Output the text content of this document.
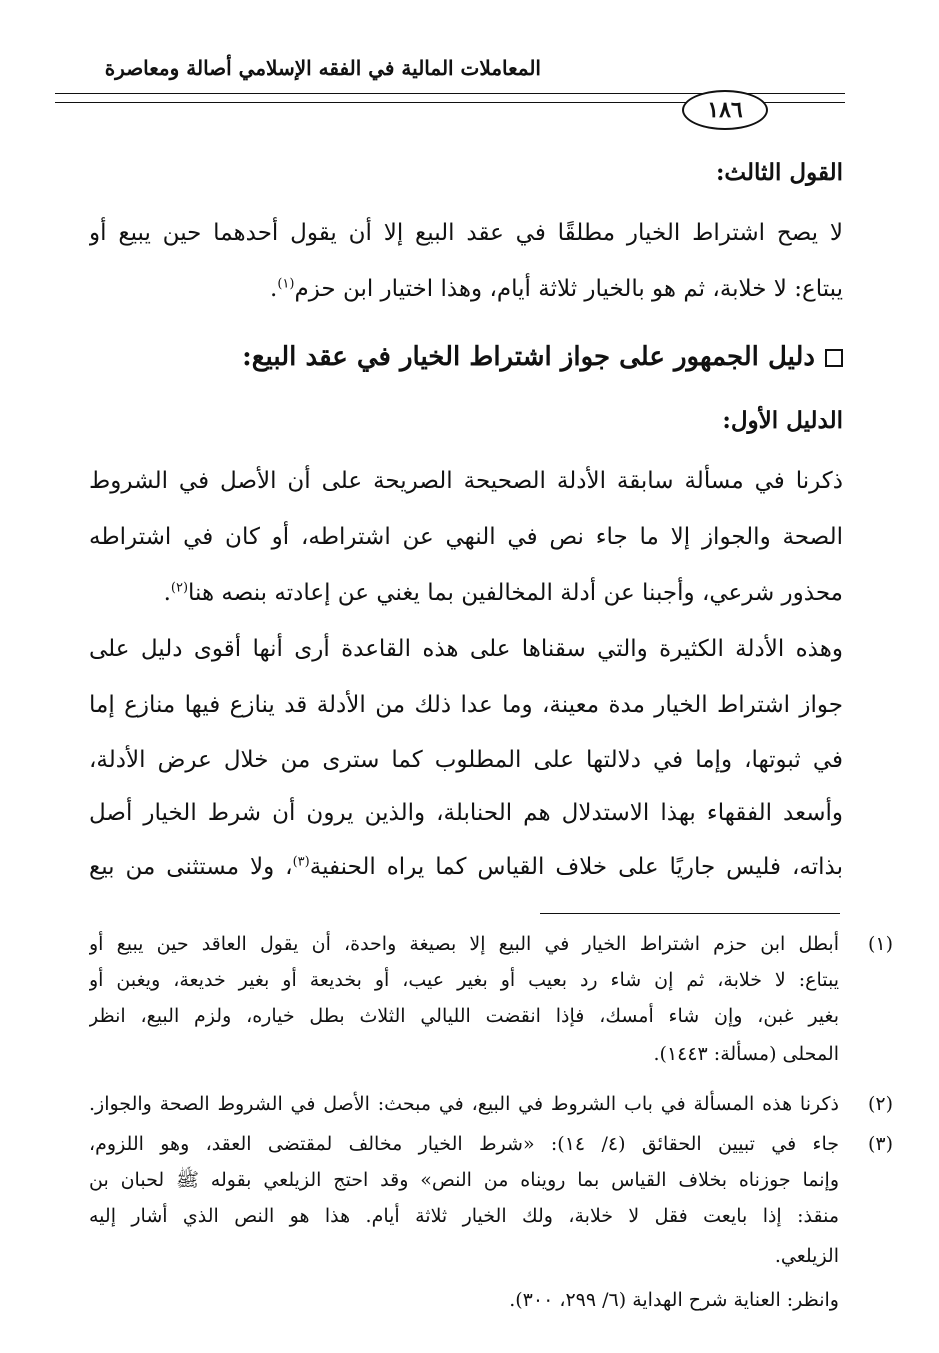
المعاملات المالية في الفقه الإسلامي أصالة ومعاصرة
١٨٦
القول الثالث:
لا يصح اشتراط الخيار مطلقًا في عقد البيع إلا أن يقول أحدهما حين يبيع أو
يبتاع: لا خلابة، ثم هو بالخيار ثلاثة أيام، وهذا اختيار ابن حزم$^{(١)}$.
دليل الجمهور على جواز اشتراط الخيار في عقد البيع:
الدليل الأول:
ذكرنا في مسألة سابقة الأدلة الصحيحة الصريحة على أن الأصل في الشروط
الصحة والجواز إلا ما جاء نص في النهي عن اشتراطه، أو كان في اشتراطه
محذور شرعي، وأجبنا عن أدلة المخالفين بما يغني عن إعادته بنصه هنا$^{(٢)}$.
وهذه الأدلة الكثيرة والتي سقناها على هذه القاعدة أرى أنها أقوى دليل على
جواز اشتراط الخيار مدة معينة، وما عدا ذلك من الأدلة قد ينازع فيها منازع إما
في ثبوتها، وإما في دلالتها على المطلوب كما سترى من خلال عرض الأدلة،
وأسعد الفقهاء بهذا الاستدلال هم الحنابلة، والذين يرون أن شرط الخيار أصل
بذاته، فليس جاريًا على خلاف القياس كما يراه الحنفية$^{(٣)}$، ولا مستثنى من بيع
(١)
أبطل ابن حزم اشتراط الخيار في البيع إلا بصيغة واحدة، أن يقول العاقد حين يبيع أو
يبتاع: لا خلابة، ثم إن شاء رد بعيب أو بغير عيب، أو بخديعة أو بغير خديعة، ويغبن أو
بغير غبن، وإن شاء أمسك، فإذا انقضت الليالي الثلاث بطل خياره، ولزم البيع، انظر
المحلى (مسألة: ١٤٤٣).
(٢)
ذكرنا هذه المسألة في باب الشروط في البيع، في مبحث: الأصل في الشروط الصحة والجواز.
(٣)
جاء في تبيين الحقائق (٤/ ١٤): «شرط الخيار مخالف لمقتضى العقد، وهو اللزوم،
وإنما جوزناه بخلاف القياس بما رويناه من النص» وقد احتج الزيلعي بقوله ﷺ لحبان بن
منقذ: إذا بايعت فقل لا خلابة، ولك الخيار ثلاثة أيام. هذا هو النص الذي أشار إليه
الزيلعي.
وانظر: العناية شرح الهداية (٦/ ٢٩٩، ٣٠٠).
